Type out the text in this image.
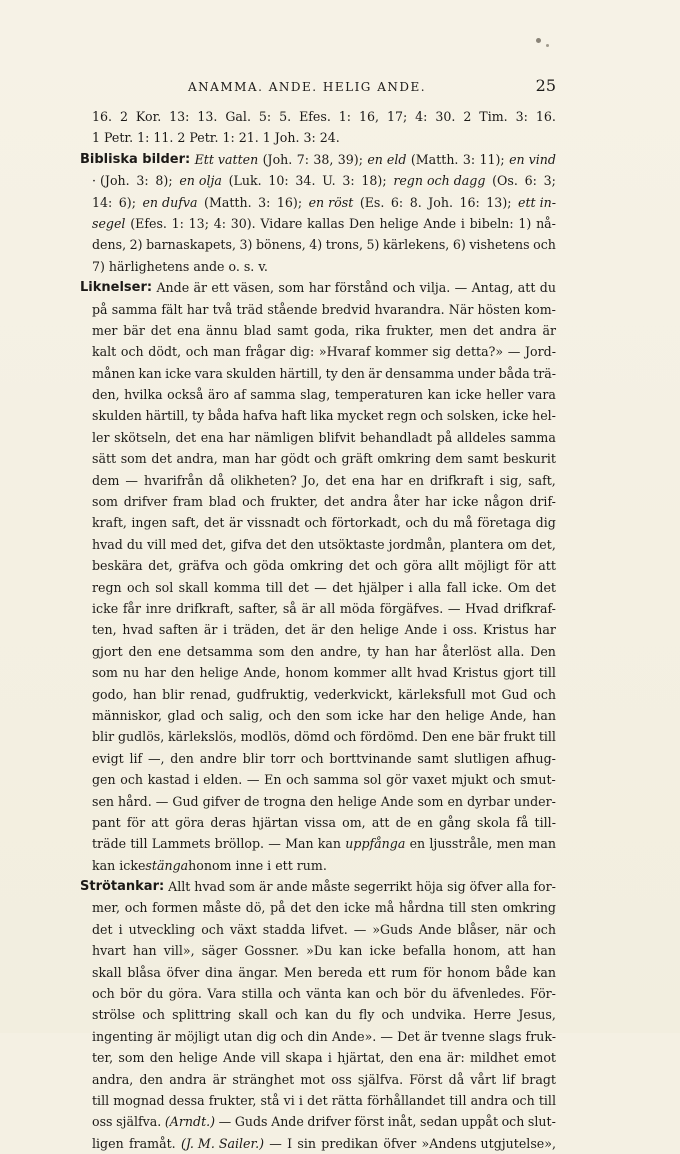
ANAMMA. ANDE. HELIG ANDE.	25
16. 2 Kor. 13: 13. Gal. 5: 5. Efes. 1: 16, 17; 4: 30. 2 Tim. 3: 16.
1 Petr. 1: 11. 2 Petr. 1: 21. 1 Joh. 3: 24.
Bibliska bilder: Ett vatten (Joh. 7: 38, 39); en eld (Matth. 3: 11); en vind
· (Joh. 3: 8); en olja (Luk. 10: 34. U. 3: 18); regn och dagg (Os. 6: 3;
14: 6); en dufva (Matth. 3: 16); en röst (Es. 6: 8. Joh. 16: 13); ett in-
segel (Efes. 1: 13; 4: 30). Vidare kallas Den helige Ande i bibeln: 1) nå-
dens, 2) barnaskapets, 3) bönens, 4) trons, 5) kärlekens, 6) vishetens och
7) härlighetens ande o. s. v.
Liknelser: Ande är ett väsen, som har förstånd och vilja. — Antag, att du
på samma fält har två träd stående bredvid hvarandra. När hösten kom-
mer bär det ena ännu blad samt goda, rika frukter, men det andra är
kalt och dödt, och man frågar dig: »Hvaraf kommer sig detta?» — Jord-
månen kan icke vara skulden härtill, ty den är densamma under båda trä-
den, hvilka också äro af samma slag, temperaturen kan icke heller vara
skulden härtill, ty båda hafva haft lika mycket regn och solsken, icke hel-
ler skötseln, det ena har nämligen blifvit behandladt på alldeles samma
sätt som det andra, man har gödt och gräft omkring dem samt beskurit
dem — hvarifrån då olikheten? Jo, det ena har en drifkraft i sig, saft,
som drifver fram blad och frukter, det andra åter har icke någon drif-
kraft, ingen saft, det är vissnadt och förtorkadt, och du må företaga dig
hvad du vill med det, gifva det den utsöktaste jordmån, plantera om det,
beskära det, gräfva och göda omkring det och göra allt möjligt för att
regn och sol skall komma till det — det hjälper i alla fall icke. Om det
icke får inre drifkraft, safter, så är all möda förgäfves. — Hvad drifkraf-
ten, hvad saften är i träden, det är den helige Ande i oss. Kristus har
gjort den ene detsamma som den andre, ty han har återlöst alla. Den
som nu har den helige Ande, honom kommer allt hvad Kristus gjort till
godo, han blir renad, gudfruktig, vederkvickt, kärleksfull mot Gud och
människor, glad och salig, och den som icke har den helige Ande, han
blir gudlös, kärlekslös, modlös, dömd och fördömd. Den ene bär frukt till
evigt lif —, den andre blir torr och borttvinande samt slutligen afhug-
gen och kastad i elden. — En och samma sol gör vaxet mjukt och smut-
sen hård. — Gud gifver de trogna den helige Ande som en dyrbar under-
pant för att göra deras hjärtan vissa om, att de en gång skola få till-
träde till Lammets bröllop. — Man kan uppfånga en ljusstråle, men man
kan icke stänga honom inne i ett rum.
Strötankar: Allt hvad som är ande måste segerrikt höja sig öfver alla for-
mer, och formen måste dö, på det den icke må hårdna till sten omkring
det i utveckling och växt stadda lifvet. — »Guds Ande blåser, när och
hvart han vill», säger Gossner. »Du kan icke befalla honom, att han
skall blåsa öfver dina ängar. Men bereda ett rum för honom både kan
och bör du göra. Vara stilla och vänta kan och bör du äfvenledes. För-
strölse och splittring skall och kan du fly och undvika. Herre Jesus,
ingenting är möjligt utan dig och din Ande». — Det är tvenne slags fruk-
ter, som den helige Ande vill skapa i hjärtat, den ena är: mildhet emot
andra, den andra är stränghet mot oss själfva. Först då vårt lif bragt
till mognad dessa frukter, stå vi i det rätta förhållandet till andra och till
oss själfva. (Arndt.) — Guds Ande drifver först inåt, sedan uppåt och slut-
ligen framåt. (J. M. Sailer.) — I sin predikan öfver »Andens utgjutelse»,
